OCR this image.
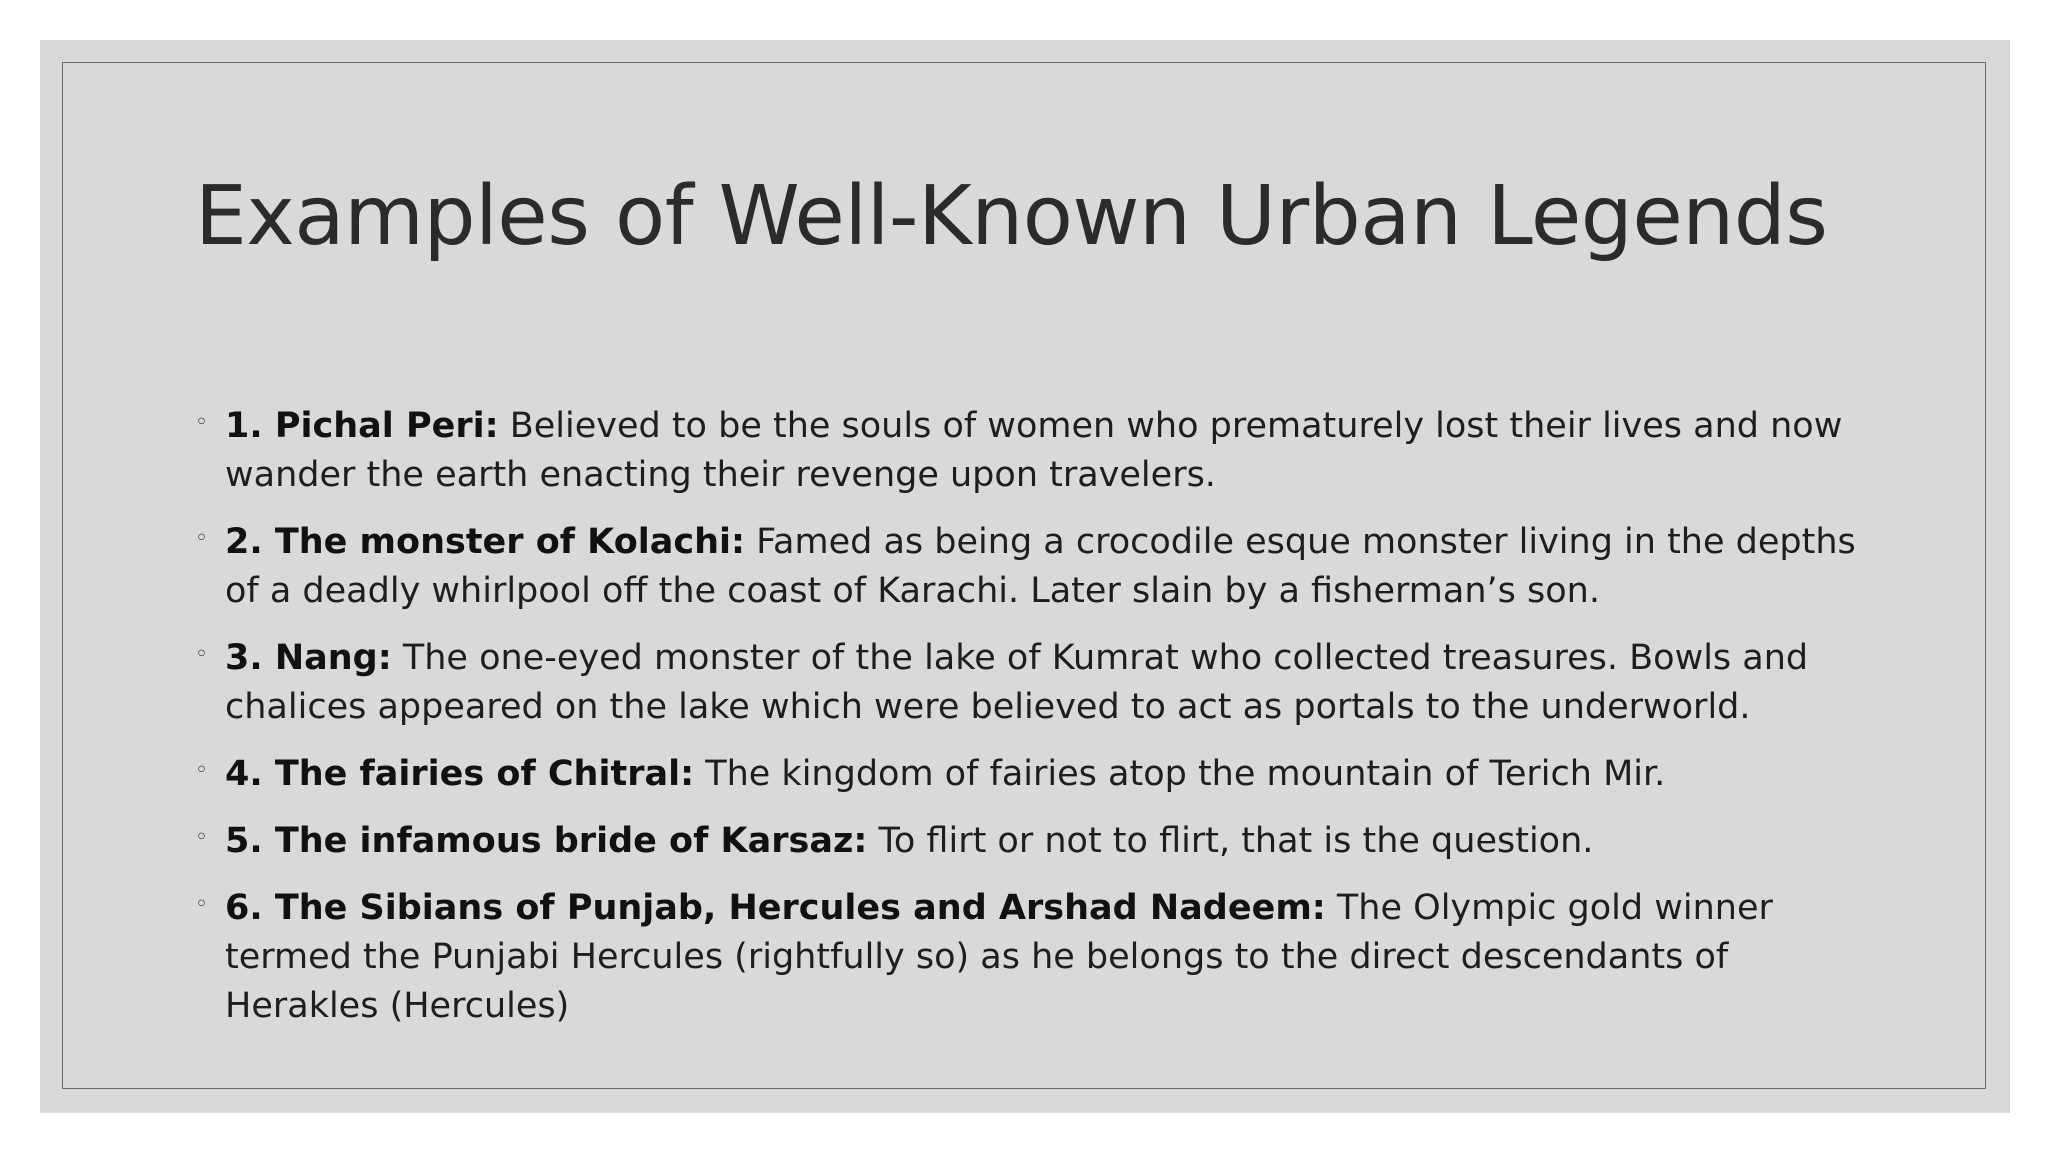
Examples of Well-Known Urban Legends
◦ 1. Pichal Peri: Believed to be the souls of women who prematurely lost their lives and now wander the earth enacting their revenge upon travelers.
◦ 2. The monster of Kolachi: Famed as being a crocodile esque monster living in the depths of a deadly whirlpool off the coast of Karachi. Later slain by a fisherman’s son.
◦ 3. Nang: The one-eyed monster of the lake of Kumrat who collected treasures. Bowls and chalices appeared on the lake which were believed to act as portals to the underworld.
◦ 4. The fairies of Chitral: The kingdom of fairies atop the mountain of Terich Mir.
◦ 5. The infamous bride of Karsaz: To flirt or not to flirt, that is the question.
◦ 6. The Sibians of Punjab, Hercules and Arshad Nadeem: The Olympic gold winner termed the Punjabi Hercules (rightfully so) as he belongs to the direct descendants of Herakles (Hercules)
